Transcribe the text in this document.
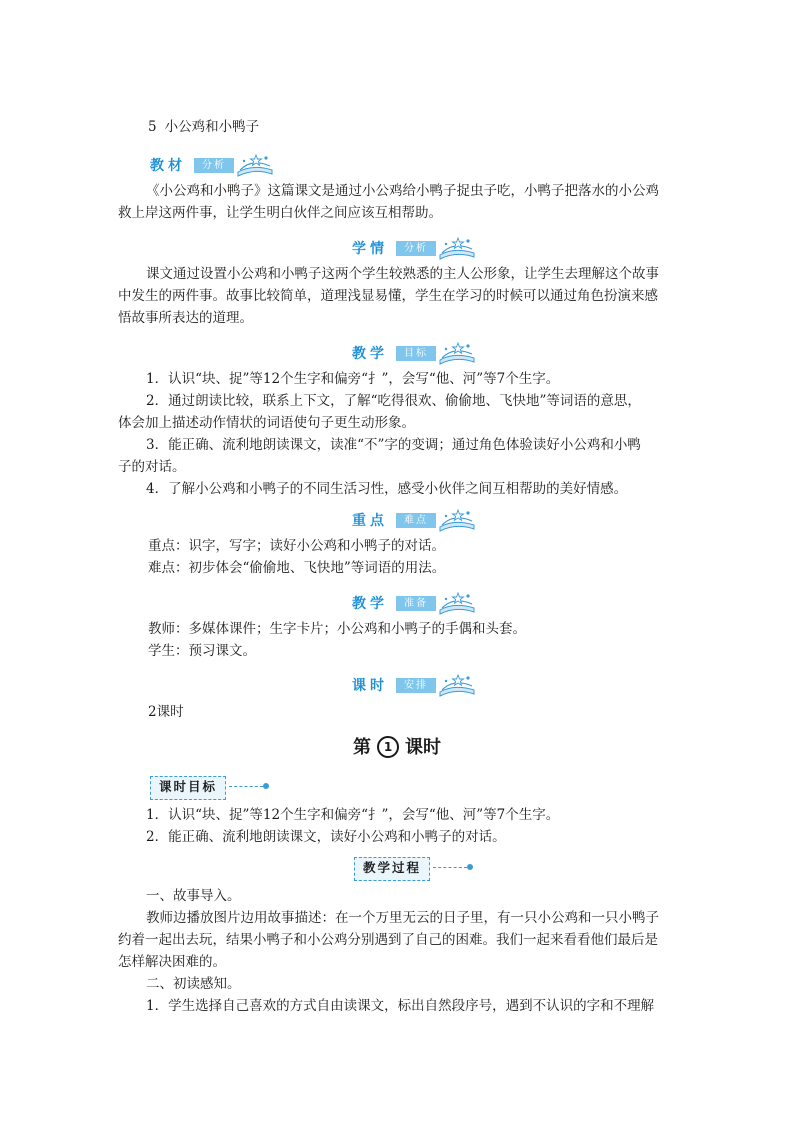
5 小公鸡和小鸭子
教材	分析
《小公鸡和小鸭子》这篇课文是通过小公鸡给小鸭子捉虫子吃，小鸭子把落水的小公鸡
救上岸这两件事，让学生明白伙伴之间应该互相帮助。
学情	分析
课文通过设置小公鸡和小鸭子这两个学生较熟悉的主人公形象，让学生去理解这个故事
中发生的两件事。故事比较简单，道理浅显易懂，学生在学习的时候可以通过角色扮演来感
悟故事所表达的道理。
教学	目标
1．认识“块、捉”等12个生字和偏旁“扌”，会写“他、河”等7个生字。
2．通过朗读比较，联系上下文，了解“吃得很欢、偷偷地、飞快地”等词语的意思，
体会加上描述动作情状的词语使句子更生动形象。
3．能正确、流利地朗读课文，读准“不”字的变调；通过角色体验读好小公鸡和小鸭
子的对话。
4．了解小公鸡和小鸭子的不同生活习性，感受小伙伴之间互相帮助的美好情感。
重点	难点
重点：识字，写字；读好小公鸡和小鸭子的对话。
难点：初步体会“偷偷地、飞快地”等词语的用法。
教学	准备
教师：多媒体课件；生字卡片；小公鸡和小鸭子的手偶和头套。
学生：预习课文。
课时	安排
2课时
第 1 课时
课时目标
1．认识“块、捉”等12个生字和偏旁“扌”，会写“他、河”等7个生字。
2．能正确、流利地朗读课文，读好小公鸡和小鸭子的对话。
教学过程
一、故事导入。
教师边播放图片边用故事描述：在一个万里无云的日子里，有一只小公鸡和一只小鸭子
约着一起出去玩，结果小鸭子和小公鸡分别遇到了自己的困难。我们一起来看看他们最后是
怎样解决困难的。
二、初读感知。
1．学生选择自己喜欢的方式自由读课文，标出自然段序号，遇到不认识的字和不理解
